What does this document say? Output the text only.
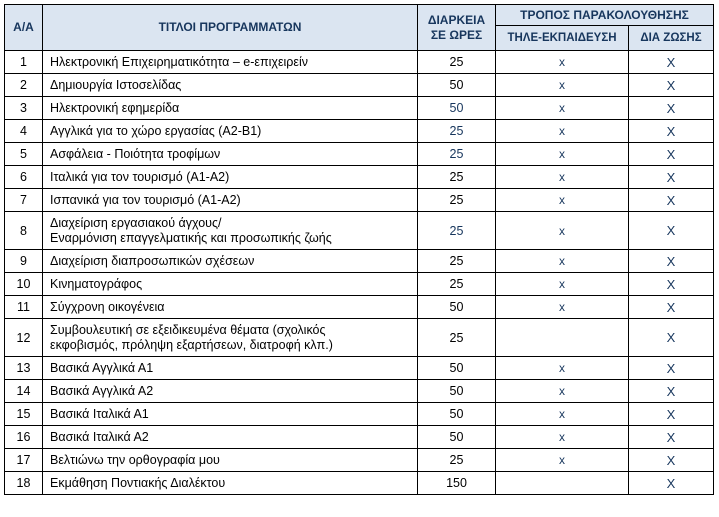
Α/Α	ΤΙΤΛΟΙ ΠΡΟΓΡΑΜΜΑΤΩΝ	ΔΙΑΡΚΕΙΑ
ΣΕ ΩΡΕΣ	ΤΡΟΠΟΣ ΠΑΡΑΚΟΛΟΥΘΗΣΗΣ	
			ΤΗΛΕ-ΕΚΠΑΙΔΕΥΣΗ	ΔΙΑ ΖΩΣΗΣ
1	Ηλεκτρονική Επιχειρηματικότητα – e-επιχειρείν	25	x	X
2	Δημιουργία Ιστοσελίδας	50	x	X
3	Ηλεκτρονική εφημερίδα	50	x	X
4	Αγγλικά για το χώρο εργασίας (Α2-Β1)	25	x	X
5	Ασφάλεια - Ποιότητα τροφίμων	25	x	X
6	Ιταλικά για τον τουρισμό (Α1-Α2)	25	x	X
7	Ισπανικά για τον τουρισμό (Α1-Α2)	25	x	X
8	Διαχείριση εργασιακού άγχους/
Εναρμόνιση επαγγελματικής και προσωπικής ζωής	25	x	X
9	Διαχείριση διαπροσωπικών σχέσεων	25	x	X
10	Κινηματογράφος	25	x	X
11	Σύγχρονη οικογένεια	50	x	X
12	Συμβουλευτική σε εξειδικευμένα θέματα (σχολικός
εκφοβισμός, πρόληψη εξαρτήσεων, διατροφή κλπ.)	25		X
13	Βασικά Αγγλικά Α1	50	x	X
14	Βασικά Αγγλικά Α2	50	x	X
15	Βασικά Ιταλικά Α1	50	x	X
16	Βασικά Ιταλικά Α2	50	x	X
17	Βελτιώνω την ορθογραφία μου	25	x	X
18	Εκμάθηση Ποντιακής Διαλέκτου	150		X
